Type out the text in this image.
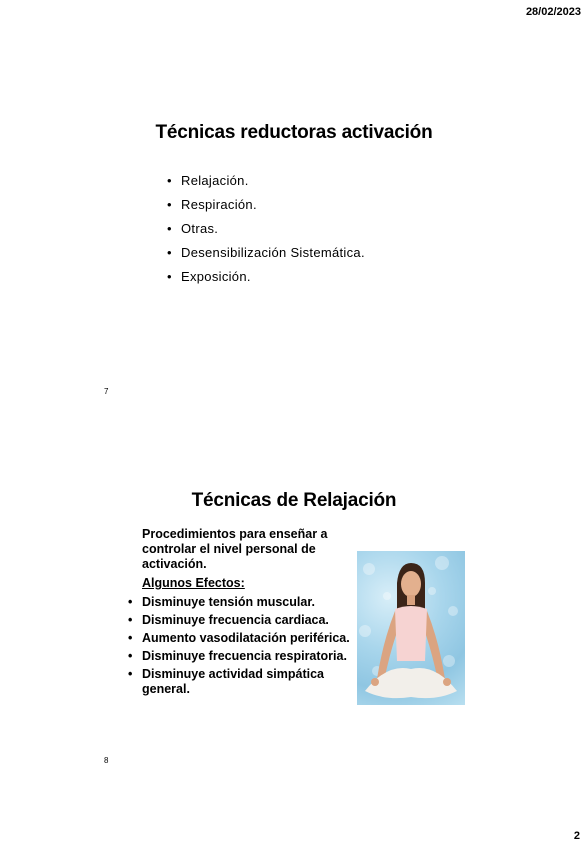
28/02/2023
Técnicas reductoras activación
• Relajación.
• Respiración.
• Otras.
• Desensibilización Sistemática.
• Exposición.
7
Técnicas de Relajación
Procedimientos para enseñar a controlar el nivel personal de activación.
Algunos Efectos:
• Disminuye tensión muscular.
• Disminuye frecuencia cardiaca.
• Aumento vasodilatación periférica.
• Disminuye frecuencia respiratoria.
• Disminuye actividad simpática general.
8
2
